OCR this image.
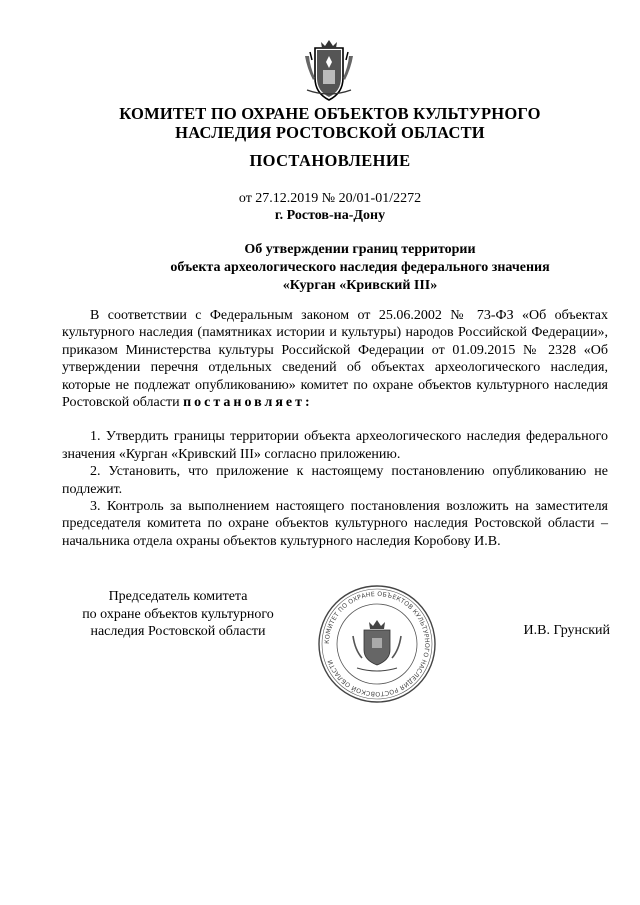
КОМИТЕТ ПО ОХРАНЕ ОБЪЕКТОВ КУЛЬТУРНОГО
НАСЛЕДИЯ РОСТОВСКОЙ ОБЛАСТИ
ПОСТАНОВЛЕНИЕ
от 27.12.2019 № 20/01-01/2272
г. Ростов-на-Дону
Об утверждении границ территории
объекта археологического наследия федерального значения
«Курган «Кривский III»

В соответствии с Федеральным законом от 25.06.2002 № 73-ФЗ «Об объектах культурного наследия (памятниках истории и культуры) народов Российской Федерации», приказом Министерства культуры Российской Федерации от 01.09.2015 № 2328 «Об утверждении перечня отдельных сведений об объектах археологического наследия, которые не подлежат опубликованию» комитет по охране объектов культурного наследия Ростовской области постановляет:

1. Утвердить границы территории объекта археологического наследия федерального значения «Курган «Кривский III» согласно приложению.

2. Установить, что приложение к настоящему постановлению опубликованию не подлежит.

3. Контроль за выполнением настоящего постановления возложить на заместителя председателя комитета по охране объектов культурного наследия Ростовской области – начальника отдела охраны объектов культурного наследия Коробову И.В.

Председатель комитета
по охране объектов культурного
наследия Ростовской области
КОМИТЕТ ПО ОХРАНЕ ОБЪЕКТОВ КУЛЬТУРНОГО НАСЛЕДИЯ РОСТОВСКОЙ ОБЛАСТИ
И.В. Грунский
